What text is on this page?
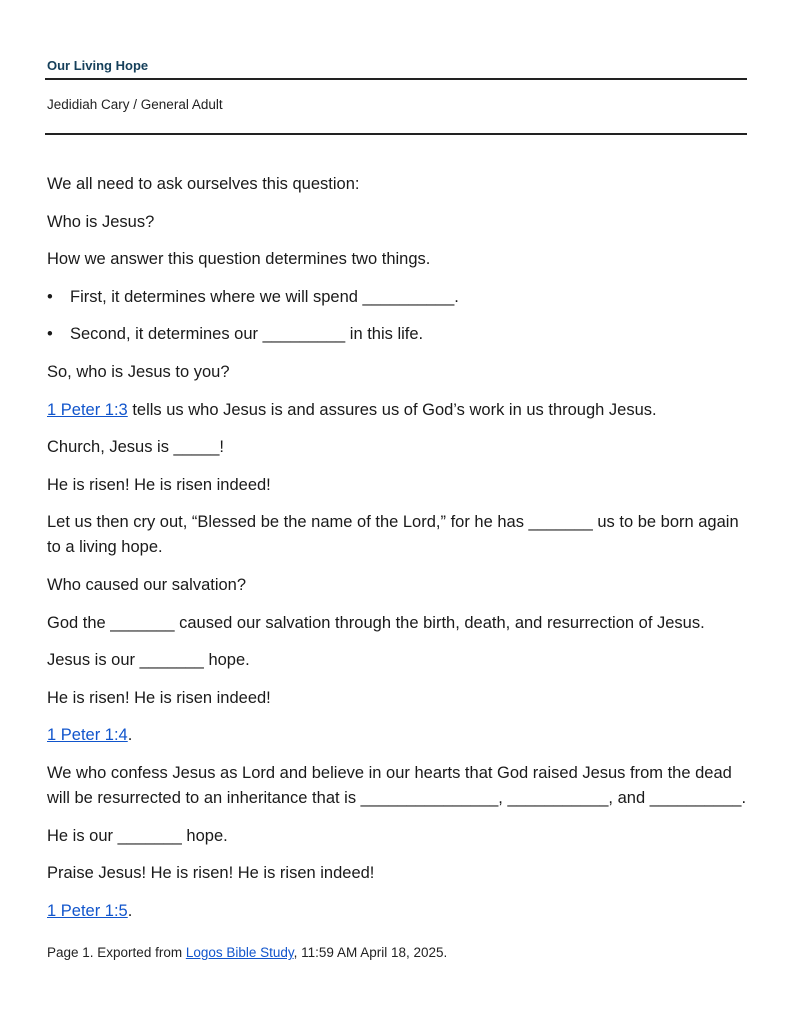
Our Living Hope
Jedidiah Cary / General Adult

We all need to ask ourselves this question:

Who is Jesus?

How we answer this question determines two things.

• First, it determines where we will spend __________.

• Second, it determines our _________ in this life.

So, who is Jesus to you?

1 Peter 1:3 tells us who Jesus is and assures us of God’s work in us through Jesus.

Church, Jesus is _____!

He is risen! He is risen indeed!

Let us then cry out, “Blessed be the name of the Lord,” for he has _______ us to be born again to a living hope.

Who caused our salvation?

God the _______ caused our salvation through the birth, death, and resurrection of Jesus.

Jesus is our _______ hope.

He is risen! He is risen indeed!

1 Peter 1:4.

We who confess Jesus as Lord and believe in our hearts that God raised Jesus from the dead will be resurrected to an inheritance that is _______________, ___________, and __________.

He is our _______ hope.

Praise Jesus! He is risen! He is risen indeed!

1 Peter 1:5.

Page 1. Exported from Logos Bible Study, 11:59 AM April 18, 2025.
